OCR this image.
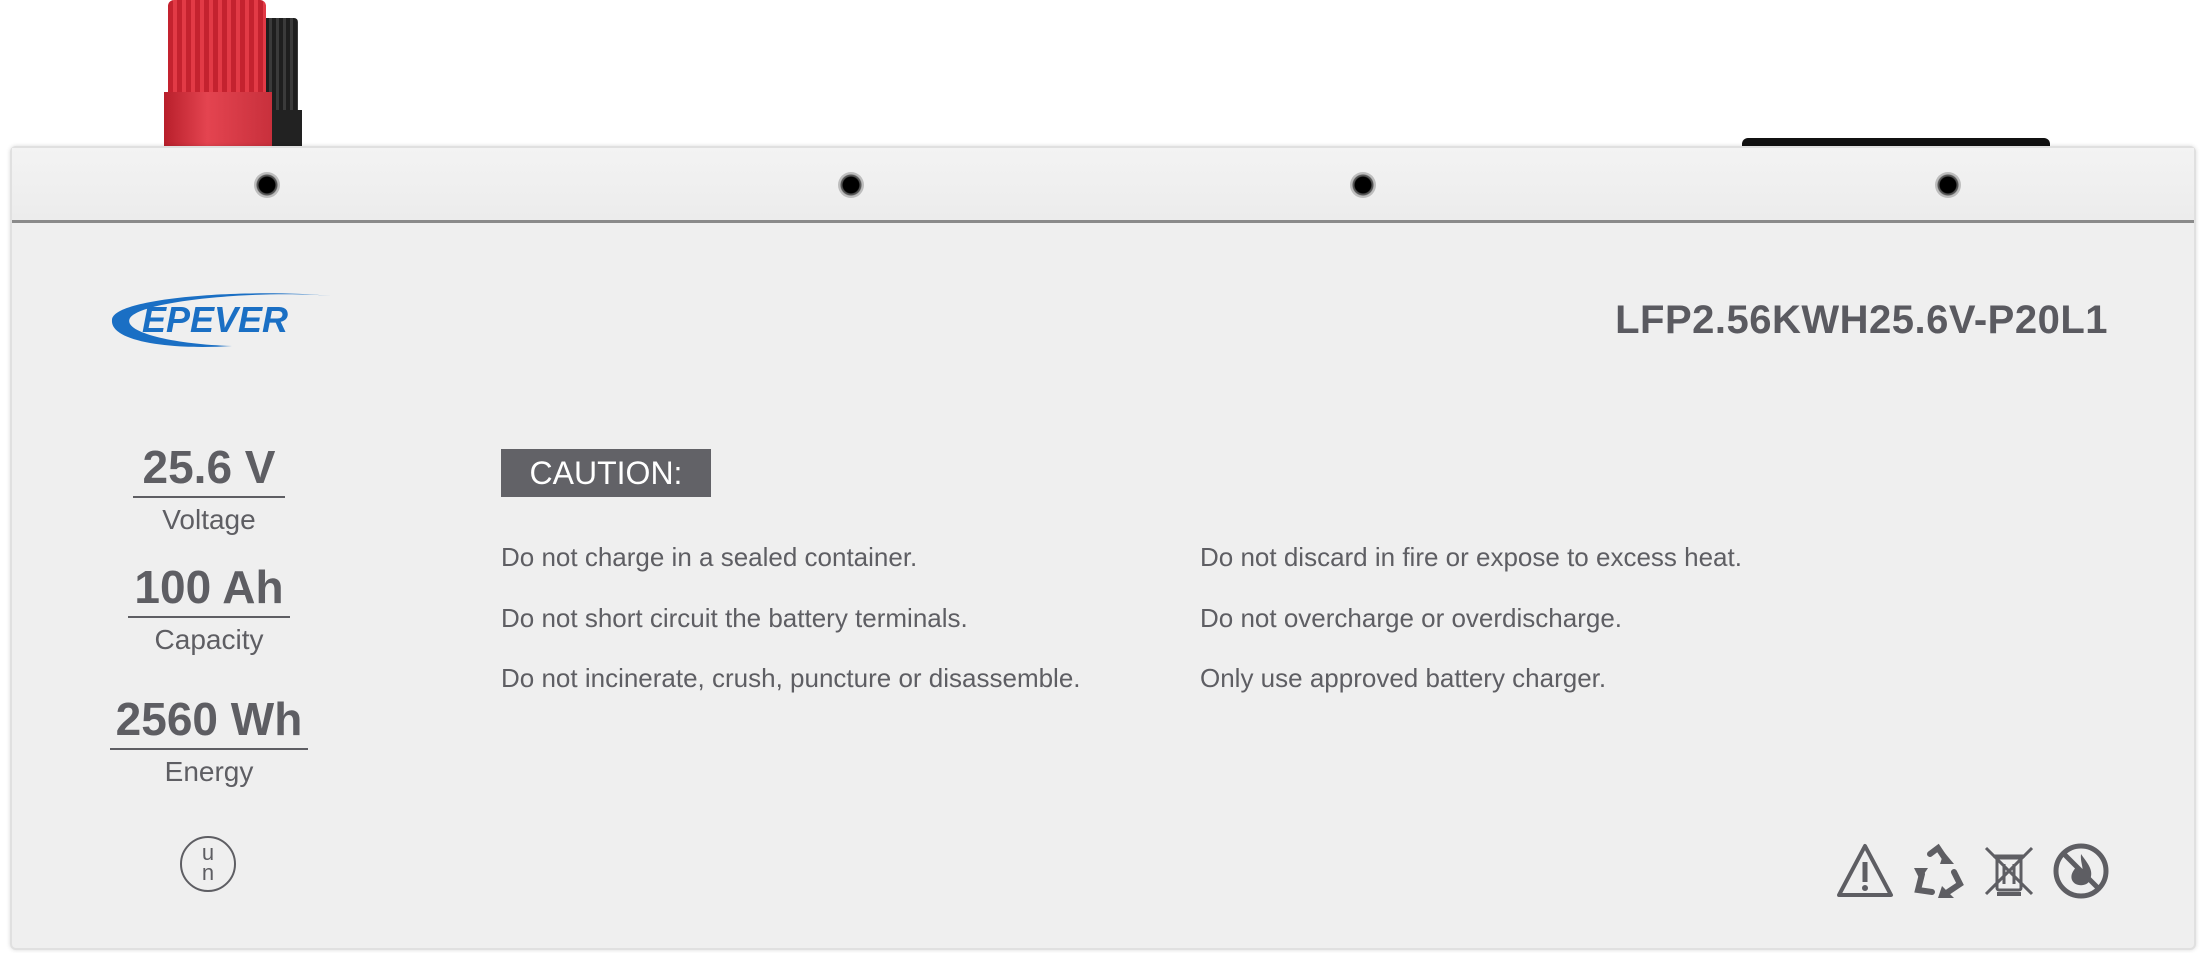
EPEVER	LFP2.56KWH25.6V-P20L1
25.6 V
Voltage
100 Ah
Capacity
2560 Wh
Energy
u
n
CAUTION:
Do not charge in a sealed container.
Do not short circuit the battery terminals.
Do not incinerate, crush, puncture or disassemble.
Do not discard in fire or expose to excess heat.
Do not overcharge or overdischarge.
Only use approved battery charger.
